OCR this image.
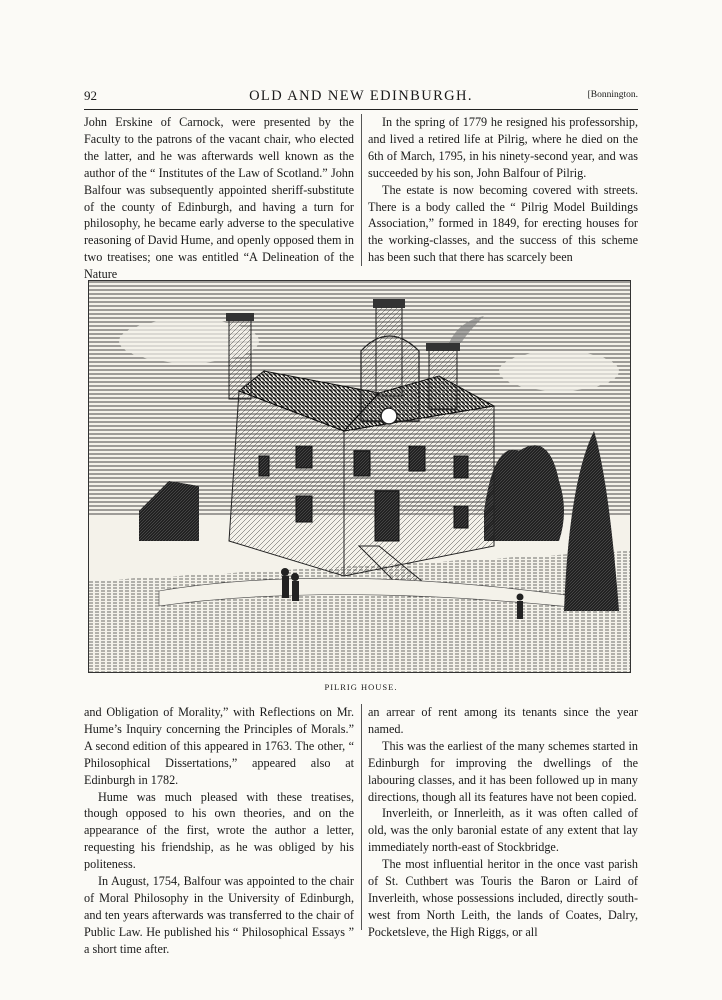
92	OLD AND NEW EDINBURGH.	[Bonnington.

John Erskine of Carnock, were presented by the Faculty to the patrons of the vacant chair, who elected the latter, and he was afterwards well known as the author of the “ Institutes of the Law of Scotland.” John Balfour was subsequently appointed sheriff-substitute of the county of Edinburgh, and having a turn for philosophy, he became early adverse to the speculative reasoning of David Hume, and openly opposed them in two treatises; one was entitled “A Delineation of the Nature

In the spring of 1779 he resigned his professorship, and lived a retired life at Pilrig, where he died on the 6th of March, 1795, in his ninety-second year, and was succeeded by his son, John Balfour of Pilrig.

The estate is now becoming covered with streets. There is a body called the “ Pilrig Model Buildings Association,” formed in 1849, for erecting houses for the working-classes, and the success of this scheme has been such that there has scarcely been

PILRIG HOUSE.

and Obligation of Morality,” with Reflections on Mr. Hume’s Inquiry concerning the Principles of Morals.” A second edition of this appeared in 1763. The other, “ Philosophical Dissertations,” appeared also at Edinburgh in 1782.

Hume was much pleased with these treatises, though opposed to his own theories, and on the appearance of the first, wrote the author a letter, requesting his friendship, as he was obliged by his politeness.

In August, 1754, Balfour was appointed to the chair of Moral Philosophy in the University of Edinburgh, and ten years afterwards was transferred to the chair of Public Law. He published his “ Philosophical Essays ” a short time after.

an arrear of rent among its tenants since the year named.

This was the earliest of the many schemes started in Edinburgh for improving the dwellings of the labouring classes, and it has been followed up in many directions, though all its features have not been copied.

Inverleith, or Innerleith, as it was often called of old, was the only baronial estate of any extent that lay immediately north-east of Stockbridge.

The most influential heritor in the once vast parish of St. Cuthbert was Touris the Baron or Laird of Inverleith, whose possessions included, directly south-west from North Leith, the lands of Coates, Dalry, Pocketsleve, the High Riggs, or all
